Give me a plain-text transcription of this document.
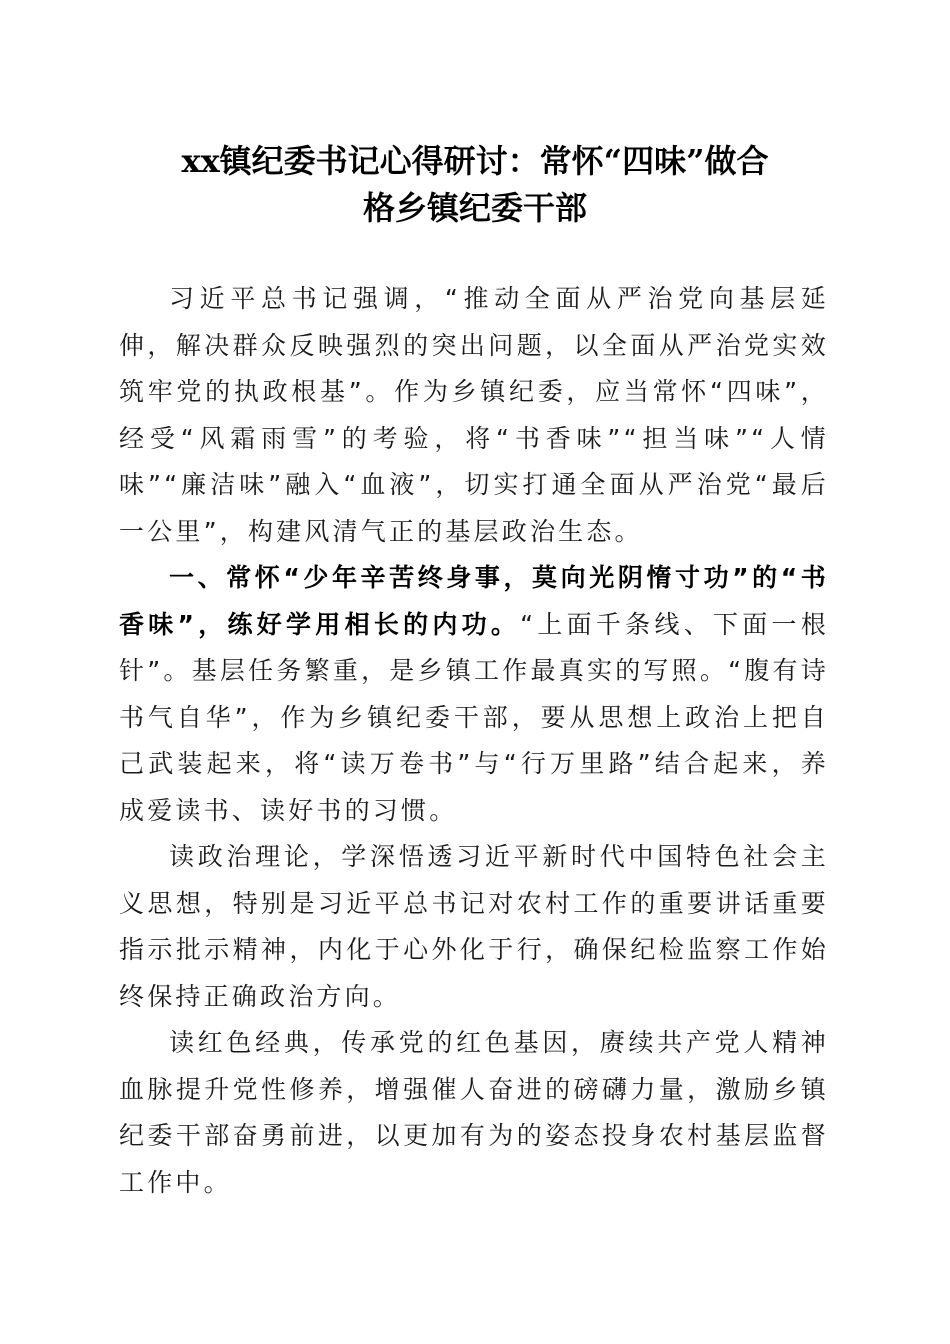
xx镇纪委书记心得研讨：常怀“四味”做合
格乡镇纪委干部

习近平总书记强调，“推动全面从严治党向基层延伸，解决群众反映强烈的突出问题，以全面从严治党实效筑牢党的执政根基”。作为乡镇纪委，应当常怀“四味”，经受“风霜雨雪”的考验，将“书香味”“担当味”“人情味”“廉洁味”融入“血液”，切实打通全面从严治党“最后一公里”，构建风清气正的基层政治生态。

一、常怀“少年辛苦终身事，莫向光阴惰寸功”的“书香味”，练好学用相长的内功。“上面千条线、下面一根针”。基层任务繁重，是乡镇工作最真实的写照。“腹有诗书气自华”，作为乡镇纪委干部，要从思想上政治上把自己武装起来，将“读万卷书”与“行万里路”结合起来，养成爱读书、读好书的习惯。

读政治理论，学深悟透习近平新时代中国特色社会主义思想，特别是习近平总书记对农村工作的重要讲话重要指示批示精神，内化于心外化于行，确保纪检监察工作始终保持正确政治方向。

读红色经典，传承党的红色基因，赓续共产党人精神血脉提升党性修养，增强催人奋进的磅礴力量，激励乡镇纪委干部奋勇前进，以更加有为的姿态投身农村基层监督工作中。
